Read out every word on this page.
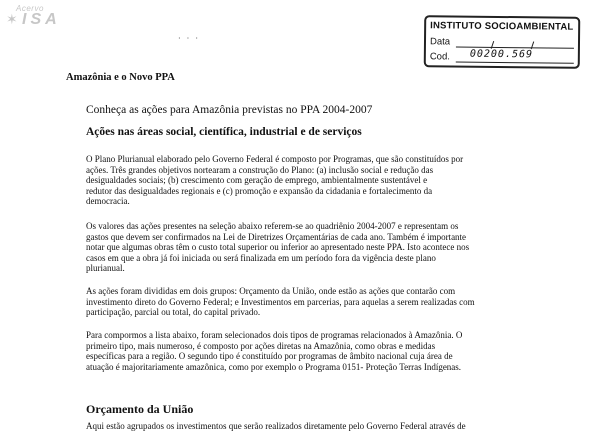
✶
Acervo
ISA
· · ·
INSTITUTO SOCIOAMBIENTAL
Data
Cod. 00200.569
Amazônia e o Novo PPA
Conheça as ações para Amazônia previstas no PPA 2004-2007
Ações nas áreas social, científica, industrial e de serviços

O Plano Plurianual elaborado pelo Governo Federal é composto por Programas, que são constituídos por
ações. Três grandes objetivos nortearam a construção do Plano: (a) inclusão social e redução das
desigualdades sociais; (b) crescimento com geração de emprego, ambientalmente sustentável e
redutor das desigualdades regionais e (c) promoção e expansão da cidadania e fortalecimento da
democracia.

Os valores das ações presentes na seleção abaixo referem-se ao quadriênio 2004-2007 e representam os
gastos que devem ser confirmados na Lei de Diretrizes Orçamentárias de cada ano. Também é importante
notar que algumas obras têm o custo total superior ou inferior ao apresentado neste PPA. Isto acontece nos
casos em que a obra já foi iniciada ou será finalizada em um período fora da vigência deste plano
plurianual.

As ações foram divididas em dois grupos: Orçamento da União, onde estão as ações que contarão com
investimento direto do Governo Federal; e Investimentos em parcerias, para aquelas a serem realizadas com
participação, parcial ou total, do capital privado.

Para compormos a lista abaixo, foram selecionados dois tipos de programas relacionados à Amazônia. O
primeiro tipo, mais numeroso, é composto por ações diretas na Amazônia, como obras e medidas
específicas para a região. O segundo tipo é constituído por programas de âmbito nacional cuja área de
atuação é majoritariamente amazônica, como por exemplo o Programa 0151- Proteção Terras Indígenas.

Orçamento da União

Aqui estão agrupados os investimentos que serão realizados diretamente pelo Governo Federal através de
